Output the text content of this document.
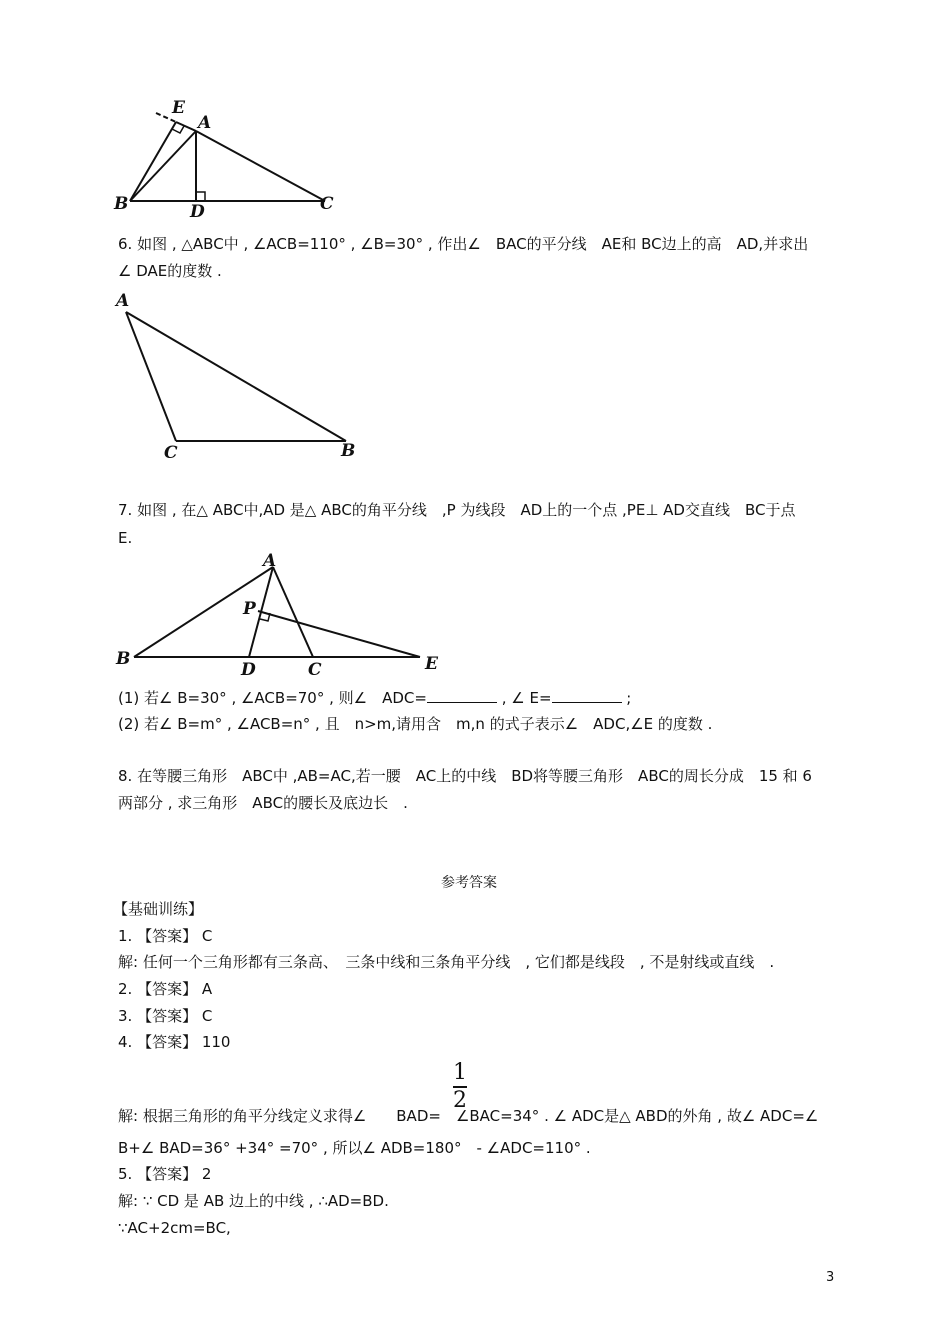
E
A
B	D	C
6. 如图 , △ABC中 , ∠ACB=110° , ∠B=30° , 作出∠　BAC的平分线　AE和 BC边上的高　AD,并求出
∠ DAE的度数 .
A
C	B
7. 如图 , 在△ ABC中,AD 是△ ABC的角平分线　,P 为线段　AD上的一个点 ,PE⊥ AD交直线　BC于点
E.
A
P
B
D	C	E
(1) 若∠ B=30° , ∠ACB=70° , 则∠　ADC=	, ∠ E=	;
(2) 若∠ B=m° , ∠ACB=n° , 且　n>m,请用含　m,n 的式子表示∠　ADC,∠E 的度数 .
8. 在等腰三角形　ABC中 ,AB=AC,若一腰　AC上的中线　BD将等腰三角形　ABC的周长分成　15 和 6
两部分 , 求三角形　ABC的腰长及底边长　.
参考答案
【基础训练】
1. 【答案】 C
解: 任何一个三角形都有三条高、　三条中线和三条角平分线　, 它们都是线段　, 不是射线或直线　.
2. 【答案】 A
3. 【答案】 C
4. 【答案】 110
1
2
解: 根据三角形的角平分线定义求得∠　　BAD=　∠BAC=34° . ∠ ADC是△ ABD的外角 , 故∠ ADC=∠
B+∠ BAD=36° +34° =70° , 所以∠ ADB=180°　- ∠ADC=110° .
5. 【答案】 2
解: ∵ CD 是 AB 边上的中线 , ∴AD=BD.
∵AC+2cm=BC,
3
